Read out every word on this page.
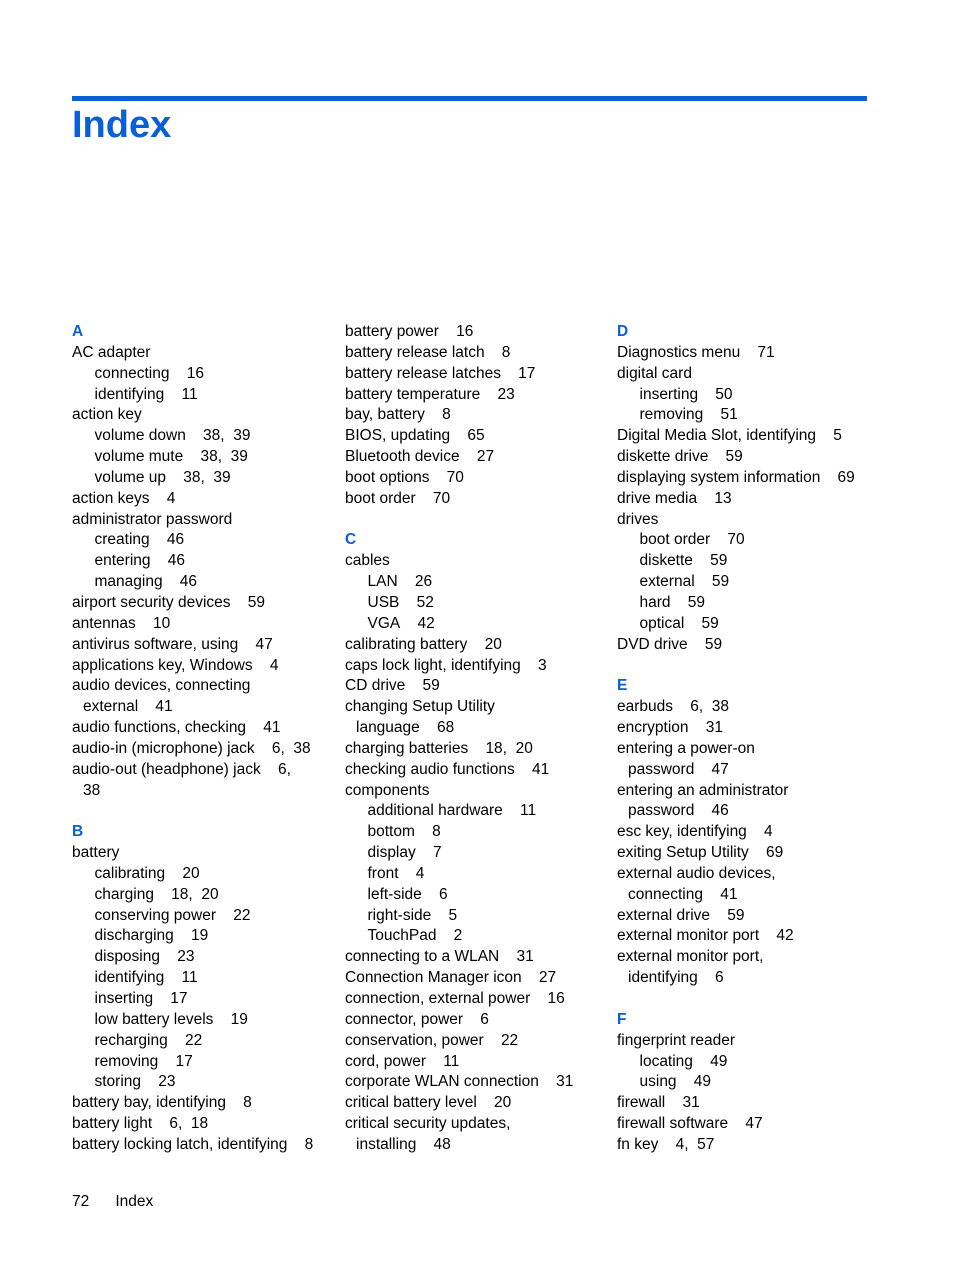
Index
A
AC adapter
connecting    16
identifying    11
action key
volume down    38,  39
volume mute    38,  39
volume up    38,  39
action keys    4
administrator password
creating    46
entering    46
managing    46
airport security devices    59
antennas    10
antivirus software, using    47
applications key, Windows    4
audio devices, connecting
external    41
audio functions, checking    41
audio-in (microphone) jack    6,  38
audio-out (headphone) jack    6,
38
B
battery
calibrating    20
charging    18,  20
conserving power    22
discharging    19
disposing    23
identifying    11
inserting    17
low battery levels    19
recharging    22
removing    17
storing    23
battery bay, identifying    8
battery light    6,  18
battery locking latch, identifying    8
battery power    16
battery release latch    8
battery release latches    17
battery temperature    23
bay, battery    8
BIOS, updating    65
Bluetooth device    27
boot options    70
boot order    70
C
cables
LAN    26
USB    52
VGA    42
calibrating battery    20
caps lock light, identifying    3
CD drive    59
changing Setup Utility
language    68
charging batteries    18,  20
checking audio functions    41
components
additional hardware    11
bottom    8
display    7
front    4
left-side    6
right-side    5
TouchPad    2
connecting to a WLAN    31
Connection Manager icon    27
connection, external power    16
connector, power    6
conservation, power    22
cord, power    11
corporate WLAN connection    31
critical battery level    20
critical security updates,
installing    48
D
Diagnostics menu    71
digital card
inserting    50
removing    51
Digital Media Slot, identifying    5
diskette drive    59
displaying system information    69
drive media    13
drives
boot order    70
diskette    59
external    59
hard    59
optical    59
DVD drive    59
E
earbuds    6,  38
encryption    31
entering a power-on
password    47
entering an administrator
password    46
esc key, identifying    4
exiting Setup Utility    69
external audio devices,
connecting    41
external drive    59
external monitor port    42
external monitor port,
identifying    6
F
fingerprint reader
locating    49
using    49
firewall    31
firewall software    47
fn key    4,  57
72 Index
